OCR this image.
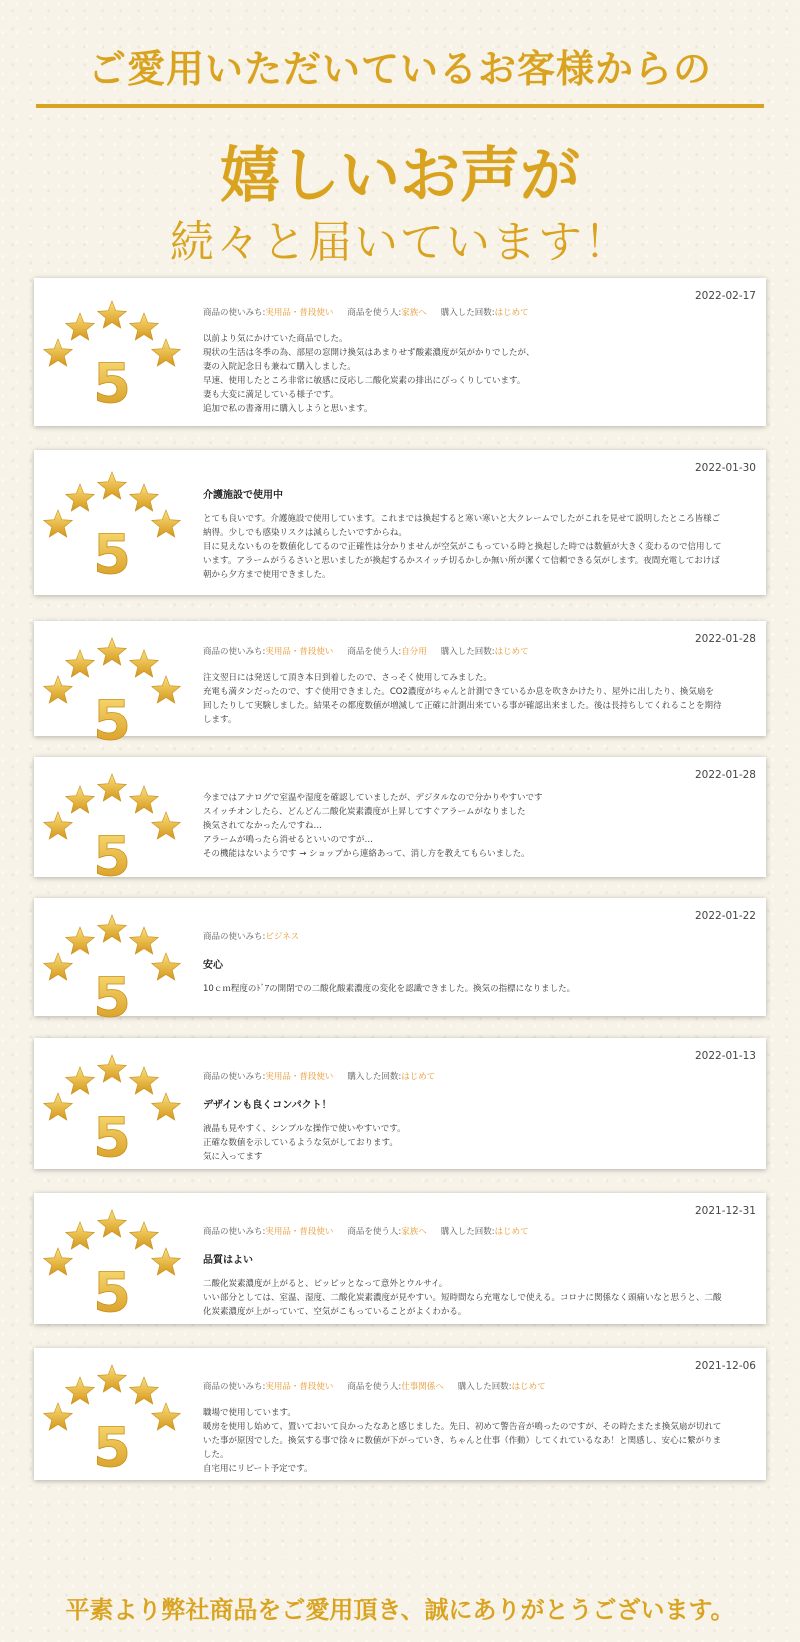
ご愛用いただいているお客様からの
嬉しいお声が
続々と届いています！
5
2022-02-17
商品の使いみち:実用品・普段使い 商品を使う人:家族へ 購入した回数:はじめて
以前より気にかけていた商品でした。
現状の生活は冬季の為、部屋の窓開け換気はあまりせず酸素濃度が気がかりでしたが、
妻の入院記念日も兼ねて購入しました。
早速、使用したところ非常に敏感に反応し二酸化炭素の排出にびっくりしています。
妻も大変に満足している様子です。
追加で私の書斎用に購入しようと思います。
5
2022-01-30
介護施設で使用中
とても良いです。介護施設で使用しています。これまでは換起すると寒い寒いと大クレームでしたがこれを見せて説明したところ皆様ご
納得。少しでも感染リスクは減らしたいですからね。
目に見えないものを数値化してるので正確性は分かりませんが空気がこもっている時と換起した時では数値が大きく変わるので信用して
います。アラームがうるさいと思いましたが換起するかスイッチ切るかしか無い所が潔くて信頼できる気がします。夜間充電しておけば
朝から夕方まで使用できました。
5
2022-01-28
商品の使いみち:実用品・普段使い 商品を使う人:自分用 購入した回数:はじめて
注文翌日には発送して頂き本日到着したので、さっそく使用してみました。
充電も満タンだったので、すぐ使用できました。CO2濃度がちゃんと計測できているか息を吹きかけたり、屋外に出したり、換気扇を
回したりして実験しました。結果その都度数値が増減して正確に計測出来ている事が確認出来ました。後は長持ちしてくれることを期待
します。
5
2022-01-28
今まではアナログで室温や湿度を確認していましたが、デジタルなので分かりやすいです
スイッチオンしたら、どんどん二酸化炭素濃度が上昇してすぐアラームがなりました
換気されてなかったんですね…
アラームが鳴ったら消せるといいのですが…
その機能はないようです → ショップから連絡あって、消し方を教えてもらいました。
5
2022-01-22
商品の使いみち:ビジネス
安心
10ｃｍ程度のﾄﾞｱの開閉での二酸化酸素濃度の変化を認識できました。換気の指標になりました。
5
2022-01-13
商品の使いみち:実用品・普段使い 購入した回数:はじめて
デザインも良くコンパクト！
液晶も見やすく、シンプルな操作で使いやすいです。
正確な数値を示しているような気がしております。
気に入ってます
5
2021-12-31
商品の使いみち:実用品・普段使い 商品を使う人:家族へ 購入した回数:はじめて
品質はよい
二酸化炭素濃度が上がると、ピッピッとなって意外とウルサイ。
いい部分としては、室温、湿度、二酸化炭素濃度が見やすい。短時間なら充電なしで使える。コロナに関係なく頭痛いなと思うと、二酸
化炭素濃度が上がっていて、空気がこもっていることがよくわかる。
5
2021-12-06
商品の使いみち:実用品・普段使い 商品を使う人:仕事関係へ 購入した回数:はじめて
職場で使用しています。
暖房を使用し始めて、置いておいて良かったなあと感じました。先日、初めて警告音が鳴ったのですが、その時たまたま換気扇が切れて
いた事が原因でした。換気する事で徐々に数値が下がっていき、ちゃんと仕事（作動）してくれているなあ！と関感し、安心に繋がりま
した。
自宅用にリピート予定です。
平素より弊社商品をご愛用頂き、誠にありがとうございます。
